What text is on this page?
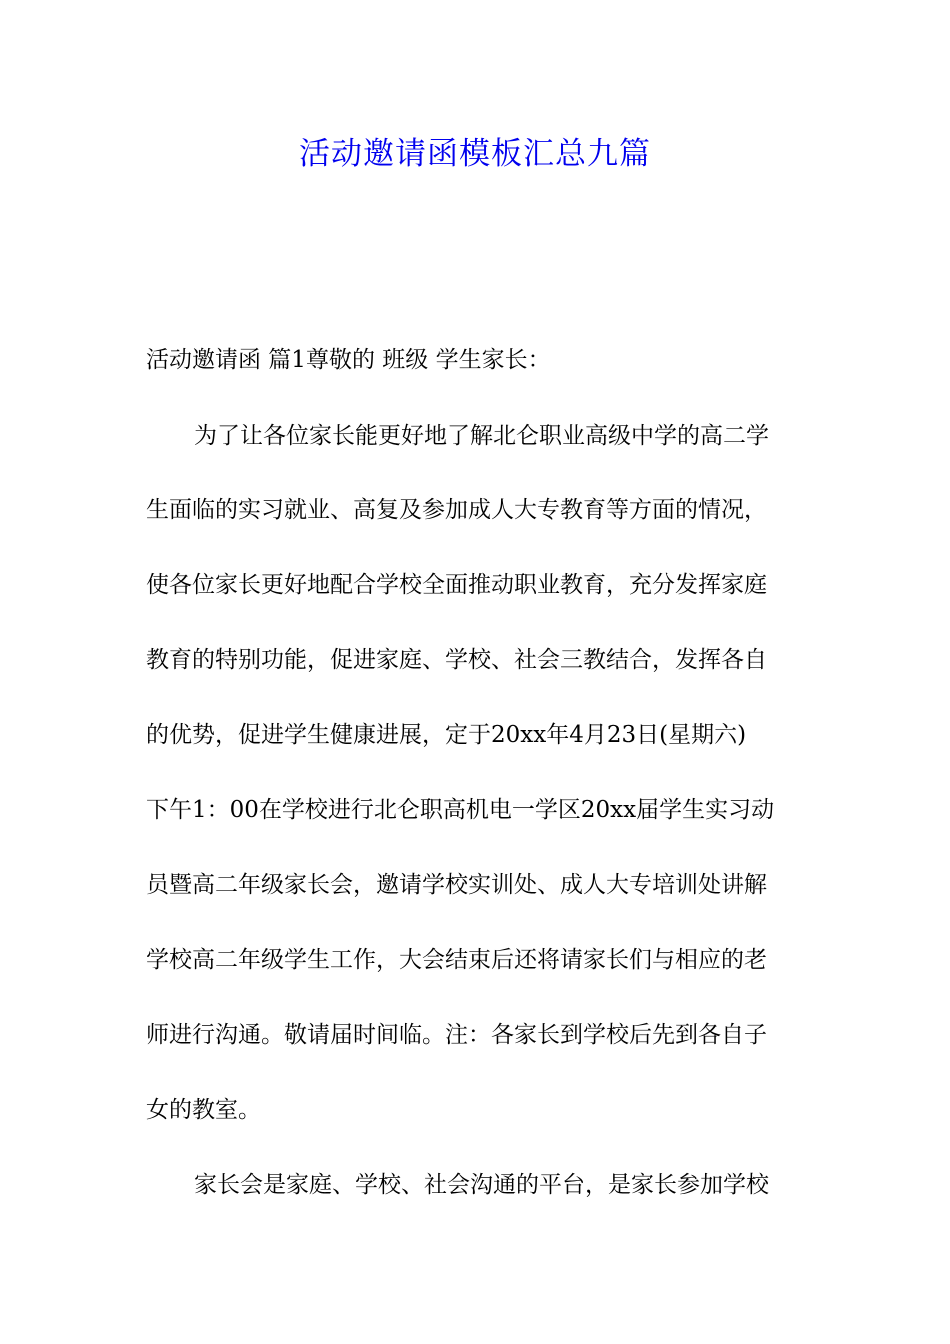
活动邀请函模板汇总九篇
活动邀请函 篇1尊敬的 班级 学生家长：
为了让各位家长能更好地了解北仑职业高级中学的高二学
生面临的实习就业、高复及参加成人大专教育等方面的情况，
使各位家长更好地配合学校全面推动职业教育，充分发挥家庭
教育的特别功能，促进家庭、学校、社会三教结合，发挥各自
的优势，促进学生健康进展，定于20xx年4月23日(星期六)
下午1：00在学校进行北仑职高机电一学区20xx届学生实习动
员暨高二年级家长会，邀请学校实训处、成人大专培训处讲解
学校高二年级学生工作，大会结束后还将请家长们与相应的老
师进行沟通。敬请届时间临。注：各家长到学校后先到各自子
女的教室。
家长会是家庭、学校、社会沟通的平台，是家长参加学校
